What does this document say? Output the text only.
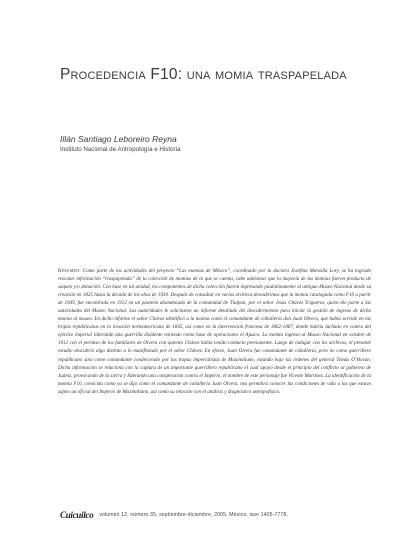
Procedencia F10: una momia traspapelada
Illán Santiago Leboreiro Reyna
Instituto Nacional de Antropología e Historia
Resumen: Como parte de las actividades del proyecto “Las momias de México”, coordinado por la doctora Josefina Mansilla Lory, se ha logrado rescatar información “traspapelada” de la colección de momias de la que se cuenta, cabe adelantar que la mayoría de las momias fueron producto de saqueo y/o donación. Con base en tal unidad, los componentes de dicha colección fueron ingresando paulatinamente al antiguo Museo Nacional desde su creación en 1825 hasta la década de los años de 1930. Después de consultar en varios archivos descubrimos que la momia catalogada como F10 a partir de 1949, fue encontrada en 1912 en un panteón abandonado de la comunidad de Tlalpan, por el señor Jesús Chávez Trigueros, quien dio parte a las autoridades del Museo Nacional. Las autoridades le solicitaron un informe detallado del descubrimiento para iniciar la gestión de ingreso de dicha momia al museo. En dicho informe el señor Chávez identificó a la momia como el comandante de caballería don Juan Olvera, que había servido en las tropas republicanas en la invasión norteamericana de 1845, así como en la intervención francesa de 1862-1867, donde habría luchado en contra del ejército imperial liderando una guerrilla disidente teniendo como base de operaciones el Ajusco. La momia ingresó al Museo Nacional en octubre de 1912 con el permiso de los familiares de Olvera con quienes Chávez había tenido contacto previamente. Luego de indagar con los archivos, el presente estudio descubrió algo distinto a lo manifestado por el señor Chávez. En efecto, Juan Olvera fue comandante de caballería, pero no como guerrillero republicano sino como comandante condecorado por las tropas imperialistas de Maximiliano, estando bajo las órdenes del general Tomás O’Horan. Dicha información se relaciona con la captura de un importante guerrillero republicano el cual apoyó desde el principio del conflicto al gobierno de Juárez, provocando de la sierra y liderando una conspiración contra el Imperio, el nombre de este personaje fue Vicente Martínez. La identificación de la momia F10, conocida como ya se dijo como el comandante de caballería Juan Olvera, nos permitirá conocer las condiciones de vida a las que estuvo sujeto un oficial del Imperio de Maximiliano, así como su relación con el análisis y diagnóstico antropofísico.
Cuicuilco volumen 12, número 35, septiembre-diciembre, 2005, México, issn 1405-7778.
